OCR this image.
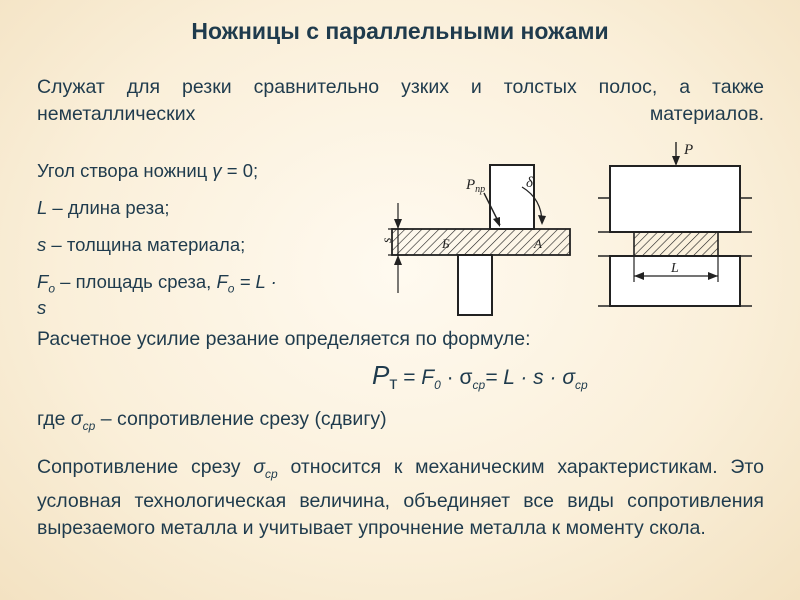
Ножницы с параллельными ножами
Служат для резки сравнительно узких и толстых полос, а также неметаллических материалов.
Угол створа ножниц γ = 0;
L – длина реза;
s – толщина материала;
$F_o$ – площадь среза, $F_o = L$ ·
s
s
$P_{пр}$	δ
Б	А
P
L
Расчетное усилие резание определяется по формуле:
$P_т = F_0 \cdot \sigma_{ср}= L \cdot s \cdot \sigma_{ср}$
где $\sigma_{ср}$ – сопротивление срезу (сдвигу)
Сопротивление срезу $\sigma_{ср}$ относится к механическим характеристикам. Это условная технологическая величина, объединяет все виды сопротивления вырезаемого металла и учитывает упрочнение металла к моменту скола.
